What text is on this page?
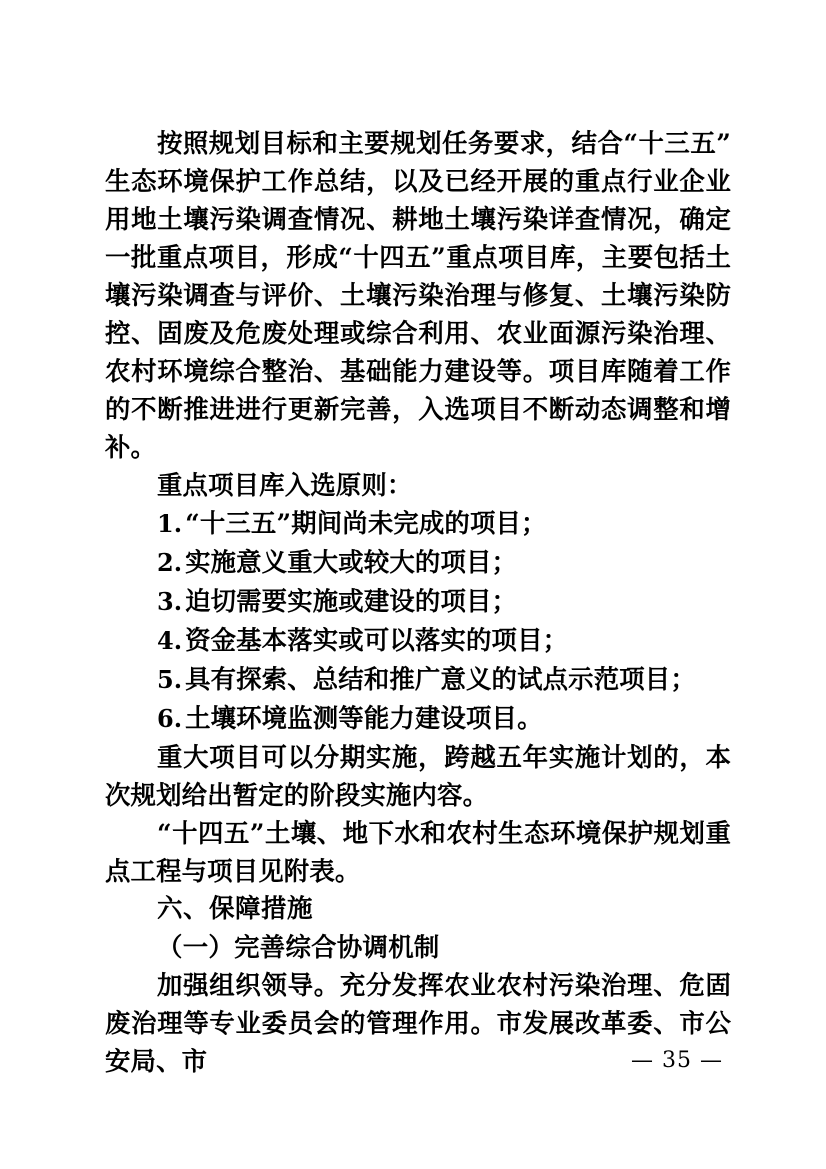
按照规划目标和主要规划任务要求，结合“十三五”生态环境保护工作总结，以及已经开展的重点行业企业用地土壤污染调查情况、耕地土壤污染详查情况，确定一批重点项目，形成“十四五”重点项目库，主要包括土壤污染调查与评价、土壤污染治理与修复、土壤污染防控、固废及危废处理或综合利用、农业面源污染治理、农村环境综合整治、基础能力建设等。项目库随着工作的不断推进进行更新完善，入选项目不断动态调整和增补。

重点项目库入选原则：

1. “十三五”期间尚未完成的项目；
2. 实施意义重大或较大的项目；
3. 迫切需要实施或建设的项目；
4. 资金基本落实或可以落实的项目；
5. 具有探索、总结和推广意义的试点示范项目；
6. 土壤环境监测等能力建设项目。

重大项目可以分期实施，跨越五年实施计划的，本次规划给出暂定的阶段实施内容。

“十四五”土壤、地下水和农村生态环境保护规划重点工程与项目见附表。

六、保障措施
（一）完善综合协调机制

加强组织领导。充分发挥农业农村污染治理、危固废治理等专业委员会的管理作用。市发展改革委、市公安局、市	— 35 —
